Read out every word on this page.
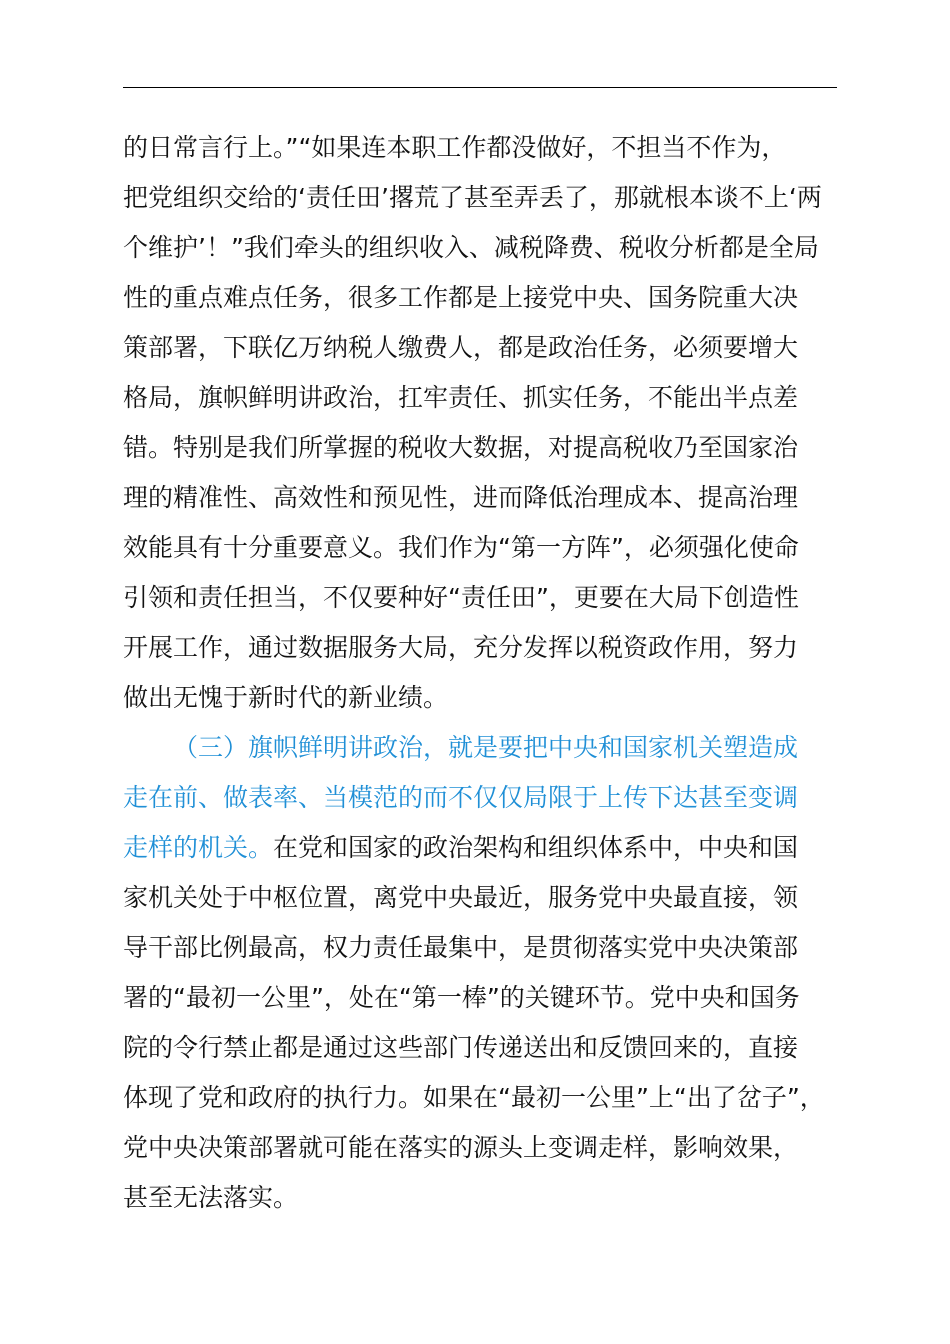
的日常言行上。”“如果连本职工作都没做好，不担当不作为，
把党组织交给的‘责任田’撂荒了甚至弄丢了，那就根本谈不上‘两
个维护’！”我们牵头的组织收入、减税降费、税收分析都是全局
性的重点难点任务，很多工作都是上接党中央、国务院重大决
策部署，下联亿万纳税人缴费人，都是政治任务，必须要增大
格局，旗帜鲜明讲政治，扛牢责任、抓实任务，不能出半点差
错。特别是我们所掌握的税收大数据，对提高税收乃至国家治
理的精准性、高效性和预见性，进而降低治理成本、提高治理
效能具有十分重要意义。我们作为“第一方阵”，必须强化使命
引领和责任担当，不仅要种好“责任田”，更要在大局下创造性
开展工作，通过数据服务大局，充分发挥以税资政作用，努力
做出无愧于新时代的新业绩。
（三）旗帜鲜明讲政治，就是要把中央和国家机关塑造成
走在前、做表率、当模范的而不仅仅局限于上传下达甚至变调
走样的机关。在党和国家的政治架构和组织体系中，中央和国
家机关处于中枢位置，离党中央最近，服务党中央最直接，领
导干部比例最高，权力责任最集中，是贯彻落实党中央决策部
署的“最初一公里”，处在“第一棒”的关键环节。党中央和国务
院的令行禁止都是通过这些部门传递送出和反馈回来的，直接
体现了党和政府的执行力。如果在“最初一公里”上“出了岔子”，
党中央决策部署就可能在落实的源头上变调走样，影响效果，
甚至无法落实。
